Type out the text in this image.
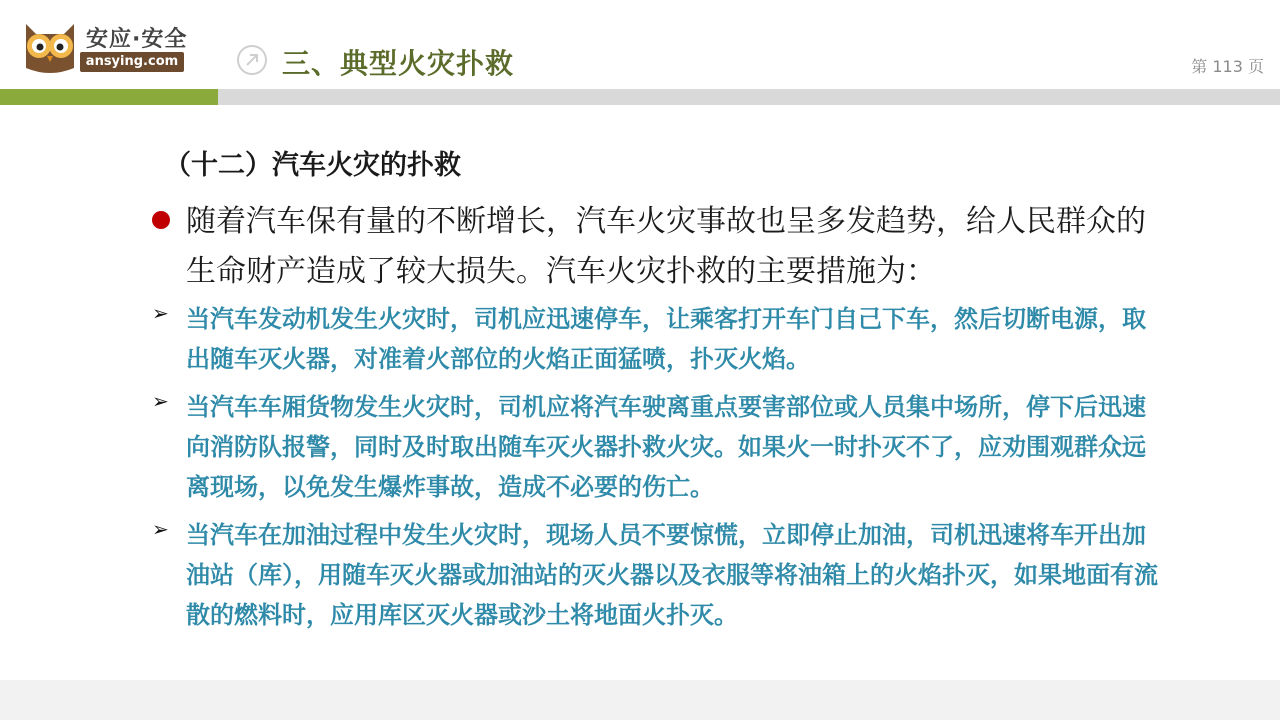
安应·安全
ansying.com	三、典型火灾扑救	第 113 页
（十二）汽车火灾的扑救
随着汽车保有量的不断增长，汽车火灾事故也呈多发趋势，给人民群众的生命财产造成了较大损失。汽车火灾扑救的主要措施为：
➢ 当汽车发动机发生火灾时，司机应迅速停车，让乘客打开车门自己下车，然后切断电源，取出随车灭火器，对准着火部位的火焰正面猛喷，扑灭火焰。
➢ 当汽车车厢货物发生火灾时，司机应将汽车驶离重点要害部位或人员集中场所，停下后迅速向消防队报警，同时及时取出随车灭火器扑救火灾。如果火一时扑灭不了，应劝围观群众远离现场，以免发生爆炸事故，造成不必要的伤亡。
➢ 当汽车在加油过程中发生火灾时，现场人员不要惊慌，立即停止加油，司机迅速将车开出加油站（库），用随车灭火器或加油站的灭火器以及衣服等将油箱上的火焰扑灭，如果地面有流散的燃料时，应用库区灭火器或沙土将地面火扑灭。
